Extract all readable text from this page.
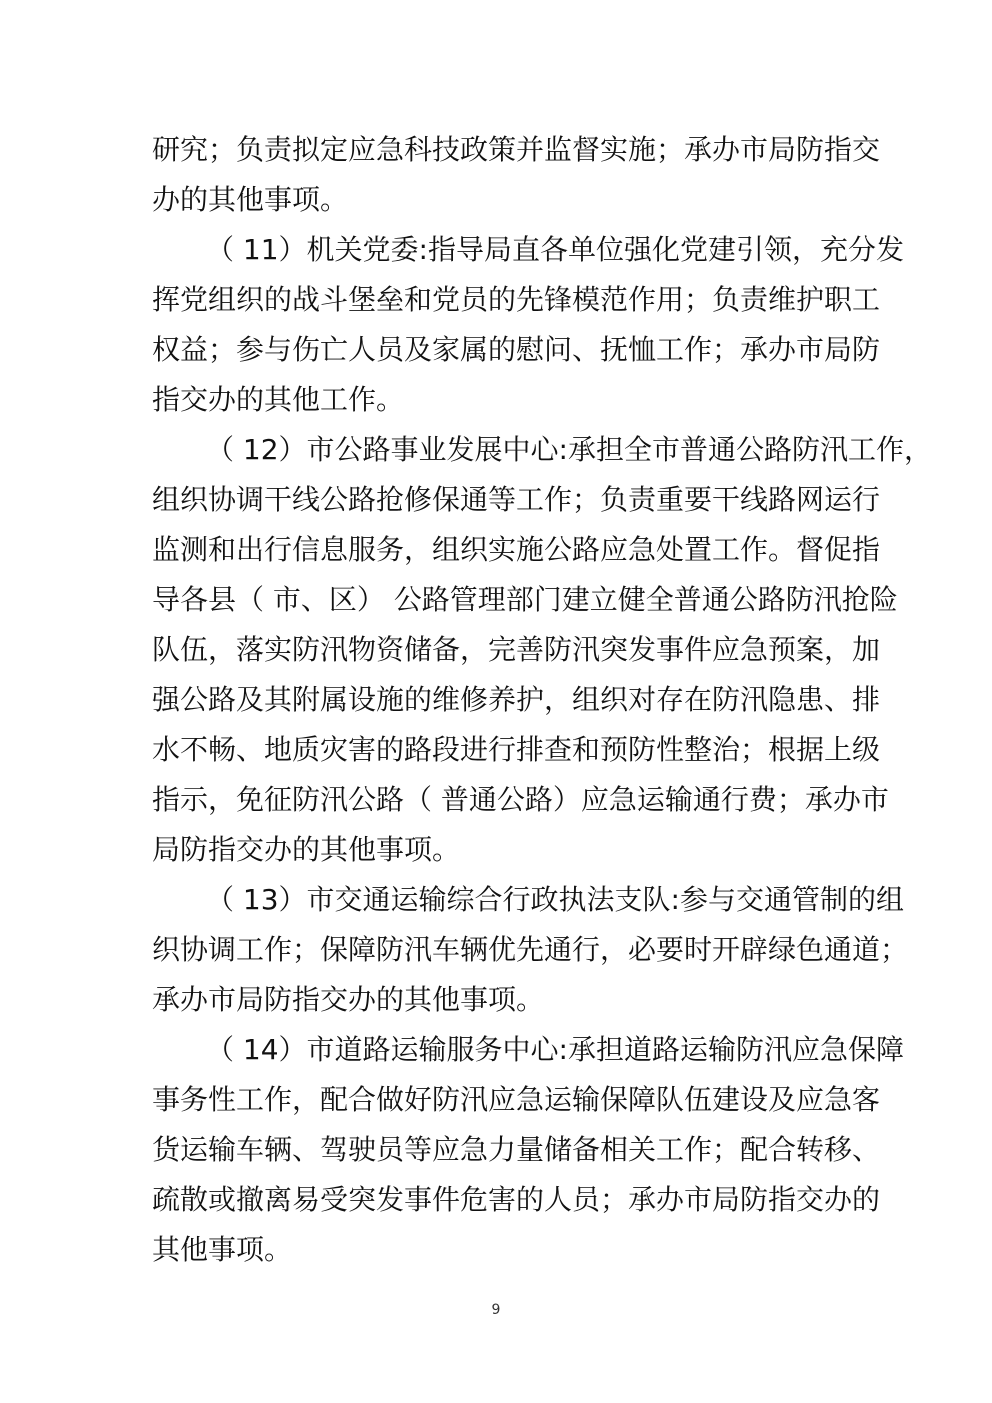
研究；负责拟定应急科技政策并监督实施；承办市局防指交
办的其他事项。
（ 11）机关党委:指导局直各单位强化党建引领，充分发
挥党组织的战斗堡垒和党员的先锋模范作用；负责维护职工
权益；参与伤亡人员及家属的慰问、抚恤工作；承办市局防
指交办的其他工作。
（ 12）市公路事业发展中心:承担全市普通公路防汛工作，
组织协调干线公路抢修保通等工作；负责重要干线路网运行
监测和出行信息服务，组织实施公路应急处置工作。督促指
导各县（ 市、区） 公路管理部门建立健全普通公路防汛抢险
队伍，落实防汛物资储备，完善防汛突发事件应急预案，加
强公路及其附属设施的维修养护，组织对存在防汛隐患、排
水不畅、地质灾害的路段进行排查和预防性整治；根据上级
指示，免征防汛公路（ 普通公路）应急运输通行费；承办市
局防指交办的其他事项。
（ 13）市交通运输综合行政执法支队:参与交通管制的组
织协调工作；保障防汛车辆优先通行，必要时开辟绿色通道；
承办市局防指交办的其他事项。
（ 14）市道路运输服务中心:承担道路运输防汛应急保障
事务性工作，配合做好防汛应急运输保障队伍建设及应急客
货运输车辆、驾驶员等应急力量储备相关工作；配合转移、
疏散或撤离易受突发事件危害的人员；承办市局防指交办的
其他事项。
9
